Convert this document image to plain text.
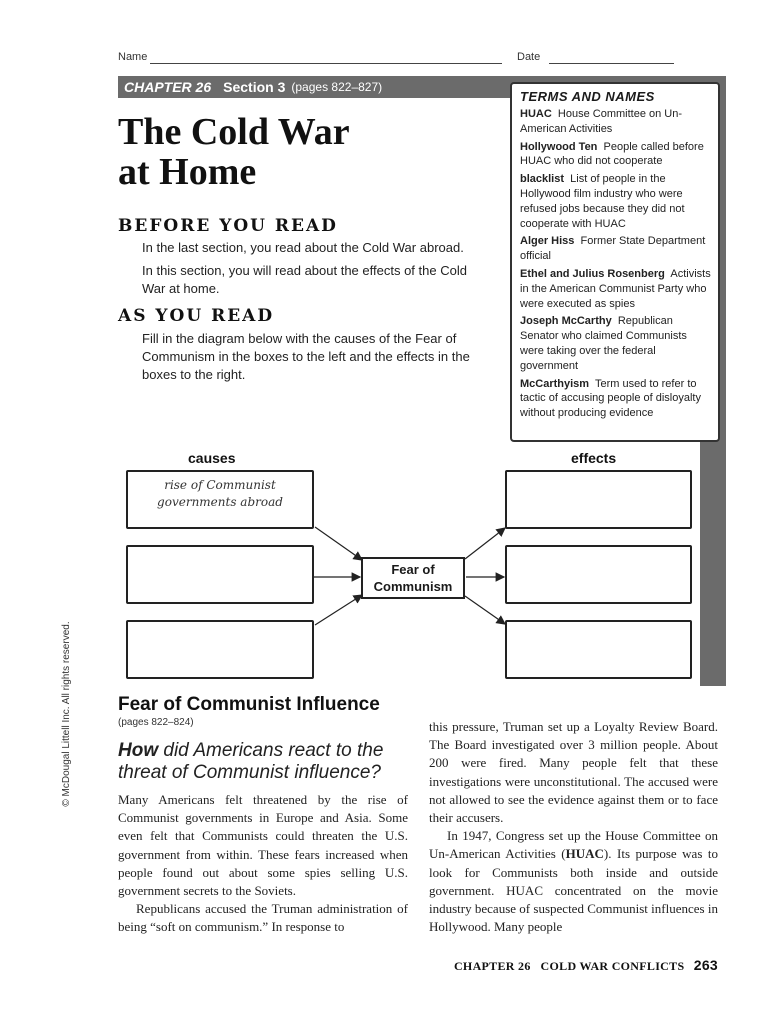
Name	Date
CHAPTER 26 Section 3 (pages 822–827)
The Cold War
at Home
BEFORE YOU READ
In the last section, you read about the Cold War abroad.
In this section, you will read about the effects of the Cold War at home.
AS YOU READ
Fill in the diagram below with the causes of the Fear of Communism in the boxes to the left and the effects in the boxes to the right.
TERMS AND NAMES
HUAC House Committee on Un-American Activities
Hollywood Ten People called before HUAC who did not cooperate
blacklist List of people in the Hollywood film industry who were refused jobs because they did not cooperate with HUAC
Alger Hiss Former State Department official
Ethel and Julius Rosenberg Activists in the American Communist Party who were executed as spies
Joseph McCarthy Republican Senator who claimed Communists were taking over the federal government
McCarthyism Term used to refer to tactic of accusing people of disloyalty without producing evidence
causes	effects
rise of Communist
governments abroad
Fear of
Communism
© McDougal Littell Inc. All rights reserved. Fear of Communist Influence
(pages 822–824)
How did Americans react to the threat of Communist influence?

Many Americans felt threatened by the rise of Communist governments in Europe and Asia. Some even felt that Communists could threaten the U.S. government from within. These fears increased when people found out about some spies selling U.S. government secrets to the Soviets.

Republicans accused the Truman administration of being “soft on communism.” In response to

this pressure, Truman set up a Loyalty Review Board. The Board investigated over 3 million people. About 200 were fired. Many people felt that these investigations were unconstitutional. The accused were not allowed to see the evidence against them or to face their accusers.

In 1947, Congress set up the House Committee on Un-American Activities (HUAC). Its purpose was to look for Communists both inside and outside government. HUAC concentrated on the movie industry because of suspected Communist influences in Hollywood. Many people

CHAPTER 26 COLD WAR CONFLICTS 263
